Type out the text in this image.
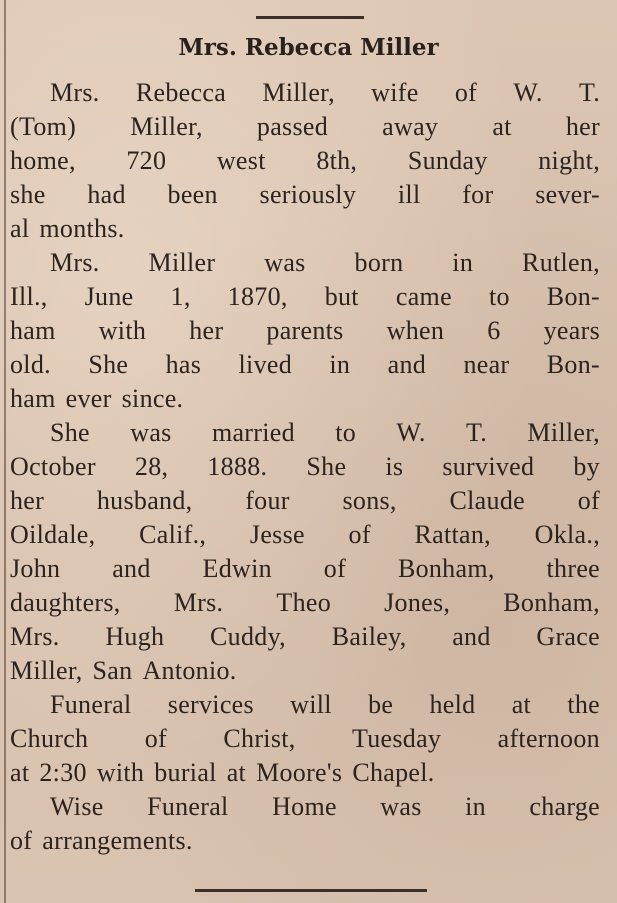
Mrs. Rebecca Miller
Mrs. Rebecca Miller, wife of W. T.
(Tom) Miller, passed away at her
home, 720 west 8th, Sunday night,
she had been seriously ill for sever-
al months.
Mrs. Miller was born in Rutlen,
Ill., June 1, 1870, but came to Bon-
ham with her parents when 6 years
old. She has lived in and near Bon-
ham ever since.
She was married to W. T. Miller,
October 28, 1888. She is survived by
her husband, four sons, Claude of
Oildale, Calif., Jesse of Rattan, Okla.,
John and Edwin of Bonham, three
daughters, Mrs. Theo Jones, Bonham,
Mrs. Hugh Cuddy, Bailey, and Grace
Miller, San Antonio.
Funeral services will be held at the
Church of Christ, Tuesday afternoon
at 2:30 with burial at Moore's Chapel.
Wise Funeral Home was in charge
of arrangements.
